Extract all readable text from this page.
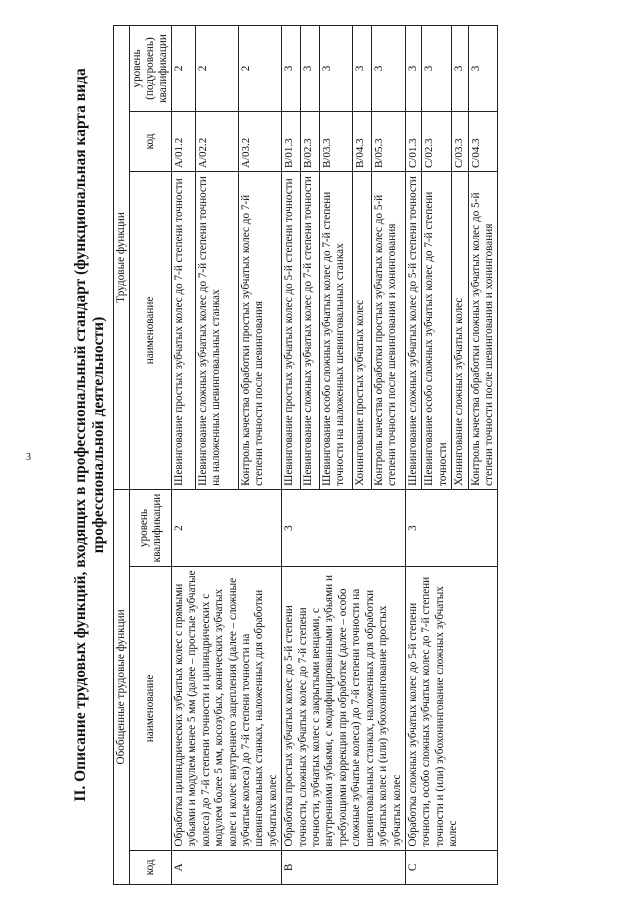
3	II. Описание трудовых функций, входящих в профессиональный стандарт (функциональная карта вида профессиональной деятельности)
Обобщенные трудовые функции			Трудовые функции		
код	наименование	уровень квалификации	наименование	код	уровень (подуровень) квалификации
A	Обработка цилиндрических зубчатых колес с прямыми зубьями и модулем менее 5 мм (далее – простые зубчатые колеса) до 7-й степени точности и цилиндрических с модулем более 5 мм, косозубых, конических зубчатых колес и колес внутреннего зацепления (далее – сложные зубчатые колеса) до 7-й степени точности на шевинговальных станках, наложенных для обработки зубчатых колес	2	Шевингование простых зубчатых колес до 7-й степени точности	A/01.2	2
			Шевингование сложных зубчатых колес до 7-й степени точности на наложенных шевинговальных станках	A/02.2	2
			Контроль качества обработки простых зубчатых колес до 7-й степени точности после шевингования	A/03.2	2
B	Обработка простых зубчатых колес до 5-й степени точности, сложных зубчатых колес до 7-й степени точности, зубчатых колес с закрытыми венцами, с внутренними зубьями, с модифицированными зубьями и требующими коррекции при обработке (далее – особо сложные зубчатые колеса) до 7-й степени точности на шевинговальных станках, наложенных для обработки зубчатых колес и (или) зубохонингование простых зубчатых колес	3	Шевингование простых зубчатых колес до 5-й степени точности	B/01.3	3
			Шевингование сложных зубчатых колес до 7-й степени точности	B/02.3	3
			Шевингование особо сложных зубчатых колес до 7-й степени точности на наложенных шевинговальных станках	B/03.3	3
			Хонингование простых зубчатых колес	B/04.3	3
			Контроль качества обработки простых зубчатых колес до 5-й степени точности после шевингования и хонингования	B/05.3	3
C	Обработка сложных зубчатых колес до 5-й степени точности, особо сложных зубчатых колес до 7-й степени точности и (или) зубохонингование сложных зубчатых колес	3	Шевингование сложных зубчатых колес до 5-й степени точности	C/01.3	3
			Шевингование особо сложных зубчатых колес до 7-й степени точности	C/02.3	3
			Хонингование сложных зубчатых колес	C/03.3	3
			Контроль качества обработки сложных зубчатых колес до 5-й степени точности после шевингования и хонингования	C/04.3	3
